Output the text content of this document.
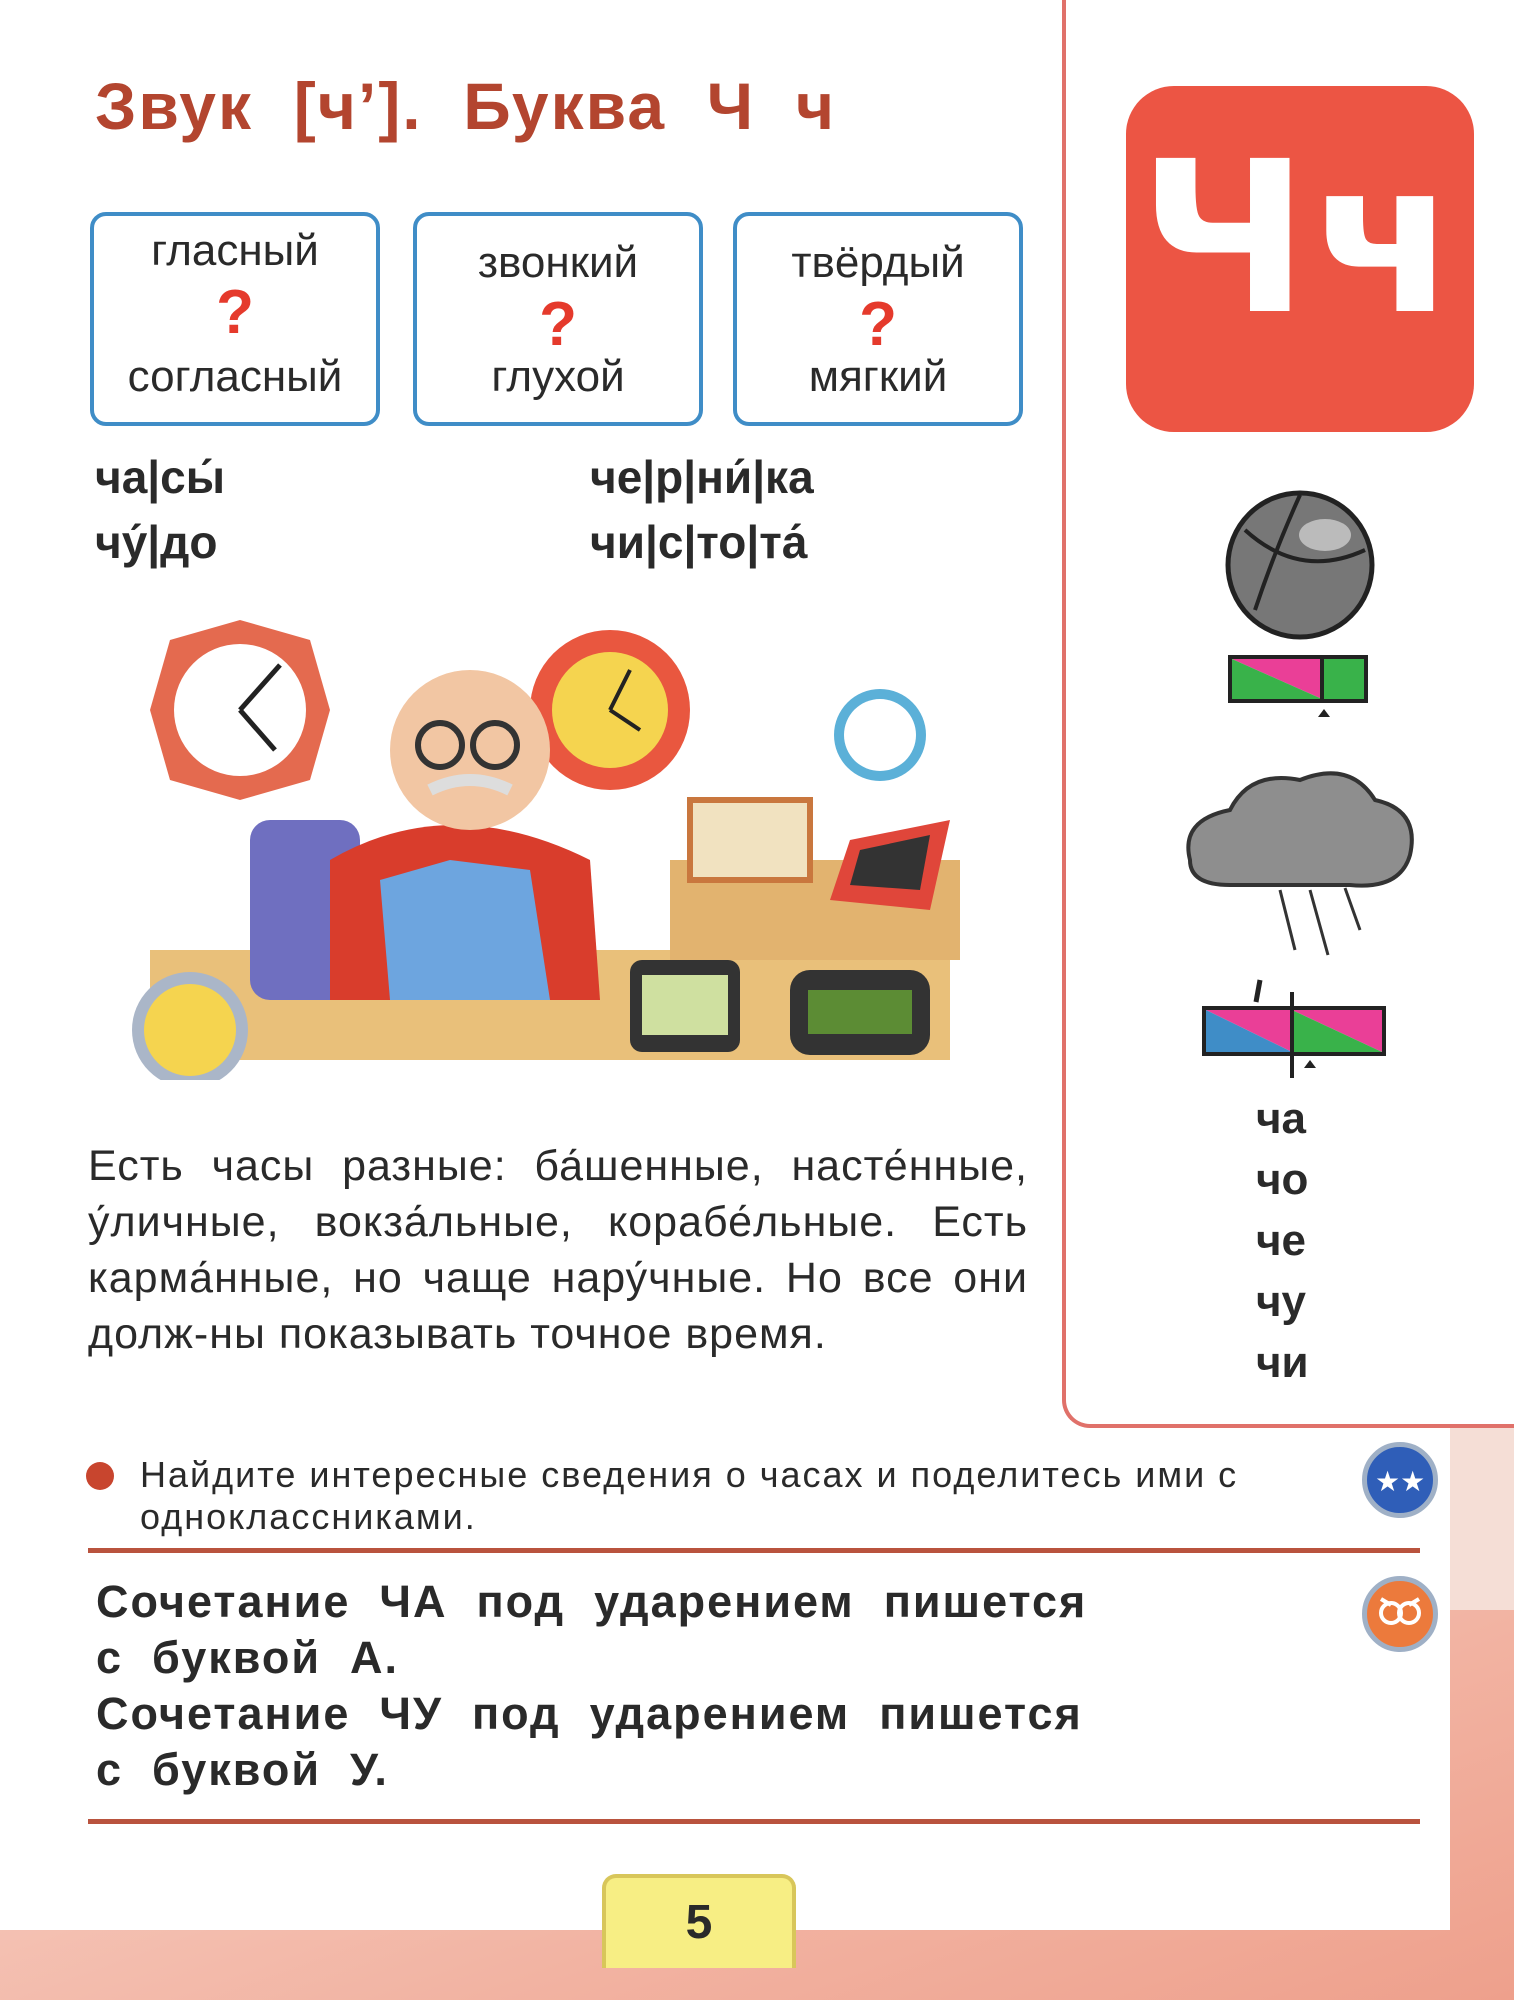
Звук  [ч’].  Буква  Ч  ч
гласный
?
согласный
звонкий
?
глухой
твёрдый
?
мягкий
ча|сы́
чу́|до
че|р|ни́|ка
чи|с|то|та́
Чч
ча
чо
че
чу
чи
Есть часы разные: ба́шенные, насте́нные, у́личные, вокза́льные, корабе́льные. Есть карма́нные, но чаще нару́чные. Но все они долж-ны показывать точное время.
Найдите интересные сведения о часах и поделитесь ими с одноклассниками.
★★
Сочетание  ЧА  под  ударением  пишется
с  буквой  А.
Сочетание  ЧУ  под  ударением  пишется
с  буквой  У.
5
